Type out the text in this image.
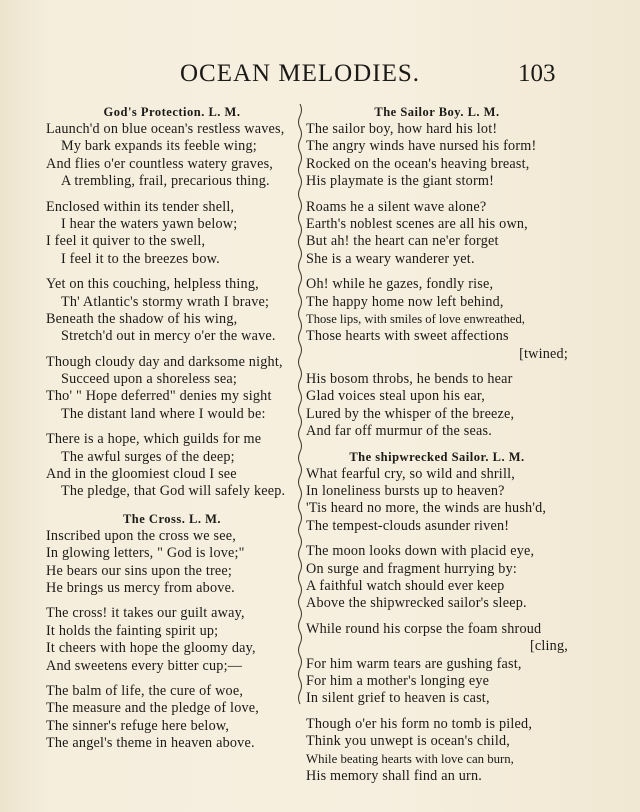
OCEAN MELODIES.	103
God's Protection. L. M.
Launch'd on blue ocean's restless waves,
My bark expands its feeble wing;
And flies o'er countless watery graves,
A trembling, frail, precarious thing.
Enclosed within its tender shell,
I hear the waters yawn below;
I feel it quiver to the swell,
I feel it to the breezes bow.
Yet on this couching, helpless thing,
Th' Atlantic's stormy wrath I brave;
Beneath the shadow of his wing,
Stretch'd out in mercy o'er the wave.
Though cloudy day and darksome night,
Succeed upon a shoreless sea;
Tho' " Hope deferred" denies my sight
The distant land where I would be:
There is a hope, which guilds for me
The awful surges of the deep;
And in the gloomiest cloud I see
The pledge, that God will safely keep.
The Cross. L. M.
Inscribed upon the cross we see,
In glowing letters, " God is love;"
He bears our sins upon the tree;
He brings us mercy from above.
The cross! it takes our guilt away,
It holds the fainting spirit up;
It cheers with hope the gloomy day,
And sweetens every bitter cup;—
The balm of life, the cure of woe,
The measure and the pledge of love,
The sinner's refuge here below,
The angel's theme in heaven above.
The Sailor Boy. L. M.
The sailor boy, how hard his lot!
The angry winds have nursed his form!
Rocked on the ocean's heaving breast,
His playmate is the giant storm!
Roams he a silent wave alone?
Earth's noblest scenes are all his own,
But ah! the heart can ne'er forget
She is a weary wanderer yet.
Oh! while he gazes, fondly rise,
The happy home now left behind,
Those lips, with smiles of love enwreathed,
Those hearts with sweet affections
[twined;
His bosom throbs, he bends to hear
Glad voices steal upon his ear,
Lured by the whisper of the breeze,
And far off murmur of the seas.
The shipwrecked Sailor. L. M.
What fearful cry, so wild and shrill,
In loneliness bursts up to heaven?
'Tis heard no more, the winds are hush'd,
The tempest-clouds asunder riven!
The moon looks down with placid eye,
On surge and fragment hurrying by:
A faithful watch should ever keep
Above the shipwrecked sailor's sleep.
While round his corpse the foam shroud
[cling,
For him warm tears are gushing fast,
For him a mother's longing eye
In silent grief to heaven is cast,
Though o'er his form no tomb is piled,
Think you unwept is ocean's child,
While beating hearts with love can burn,
His memory shall find an urn.
